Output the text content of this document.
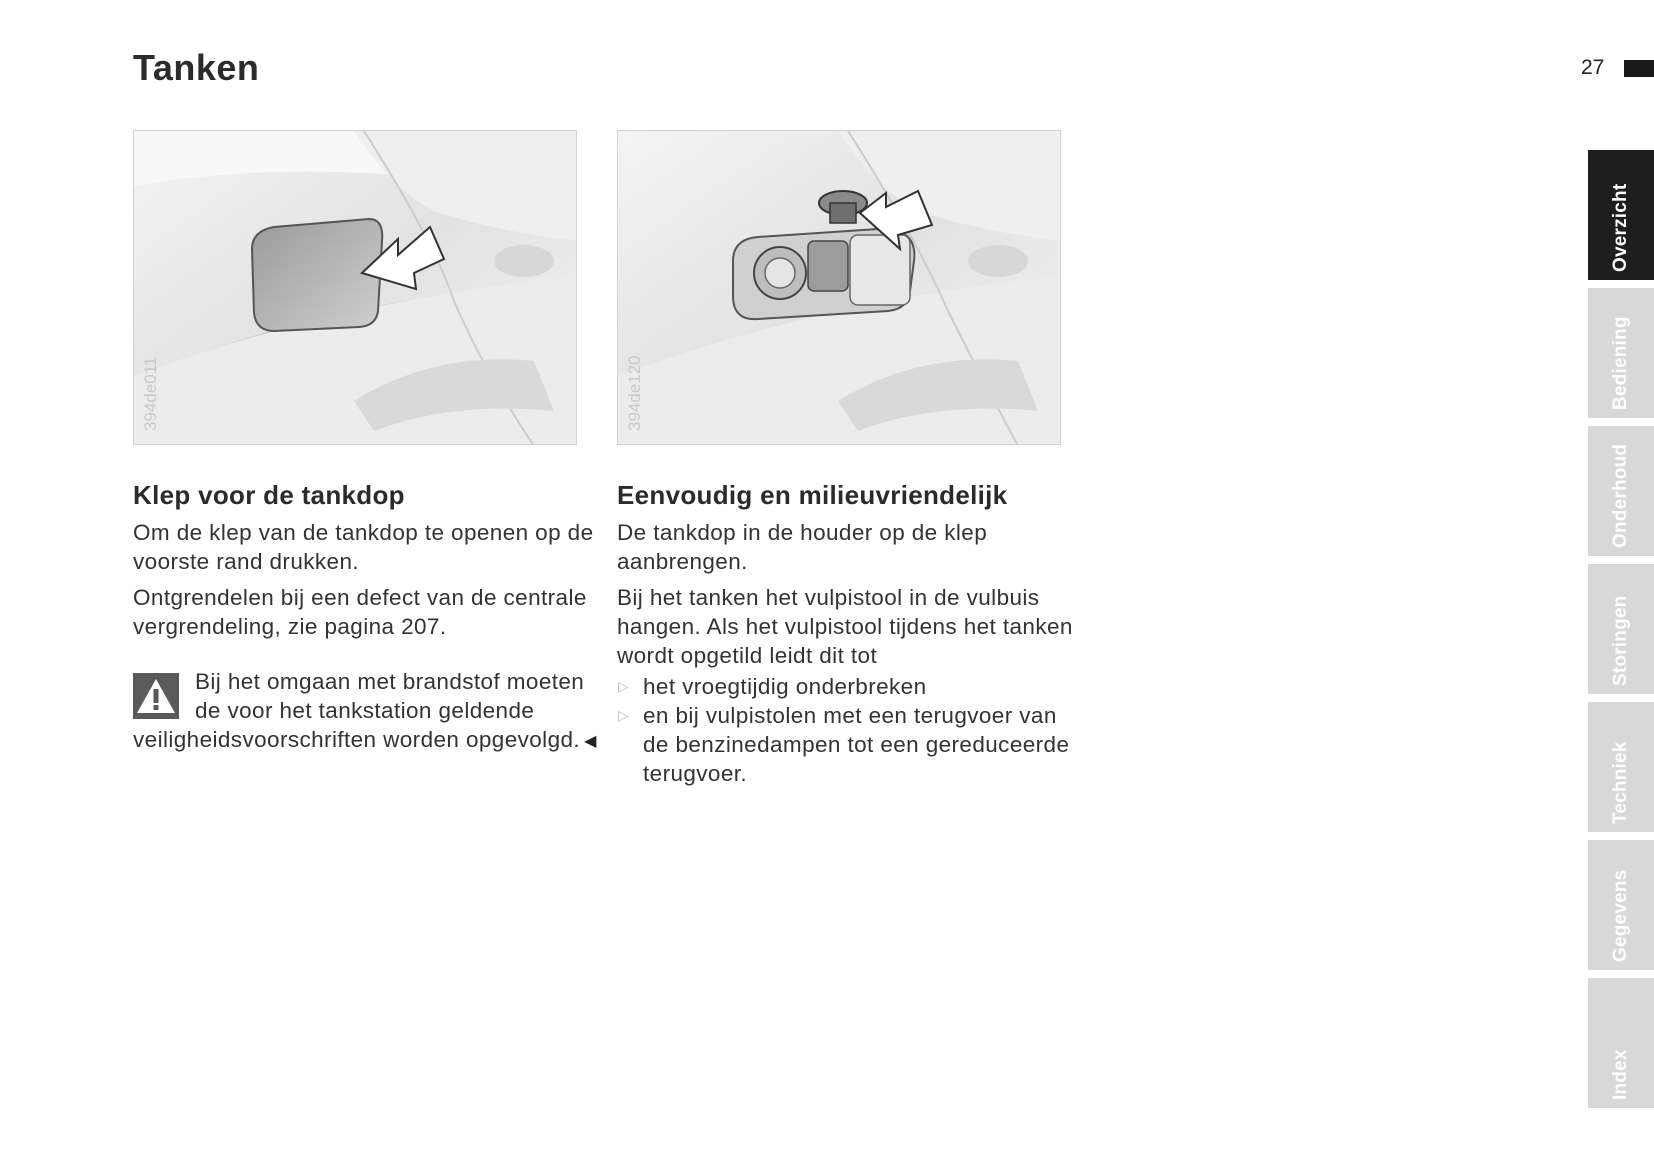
Tanken	27
394de011	394de120
Klep voor de tankdop

Om de klep van de tankdop te openen op de voorste rand drukken.

Ontgrendelen bij een defect van de centrale vergrendeling, zie pagina 207.

Bij het omgaan met brandstof moeten de voor het tankstation geldende veiligheidsvoorschriften worden opgevolgd. ◀
Eenvoudig en milieuvriendelijk

De tankdop in de houder op de klep aanbrengen.

Bij het tanken het vulpistool in de vulbuis hangen. Als het vulpistool tijdens het tanken wordt opgetild leidt dit tot

▷ het vroegtijdig onderbreken
▷ en bij vulpistolen met een terugvoer van de benzinedampen tot een gereduceerde terugvoer.
Overzicht
Bediening
Onderhoud
Storingen
Techniek
Gegevens
Index
